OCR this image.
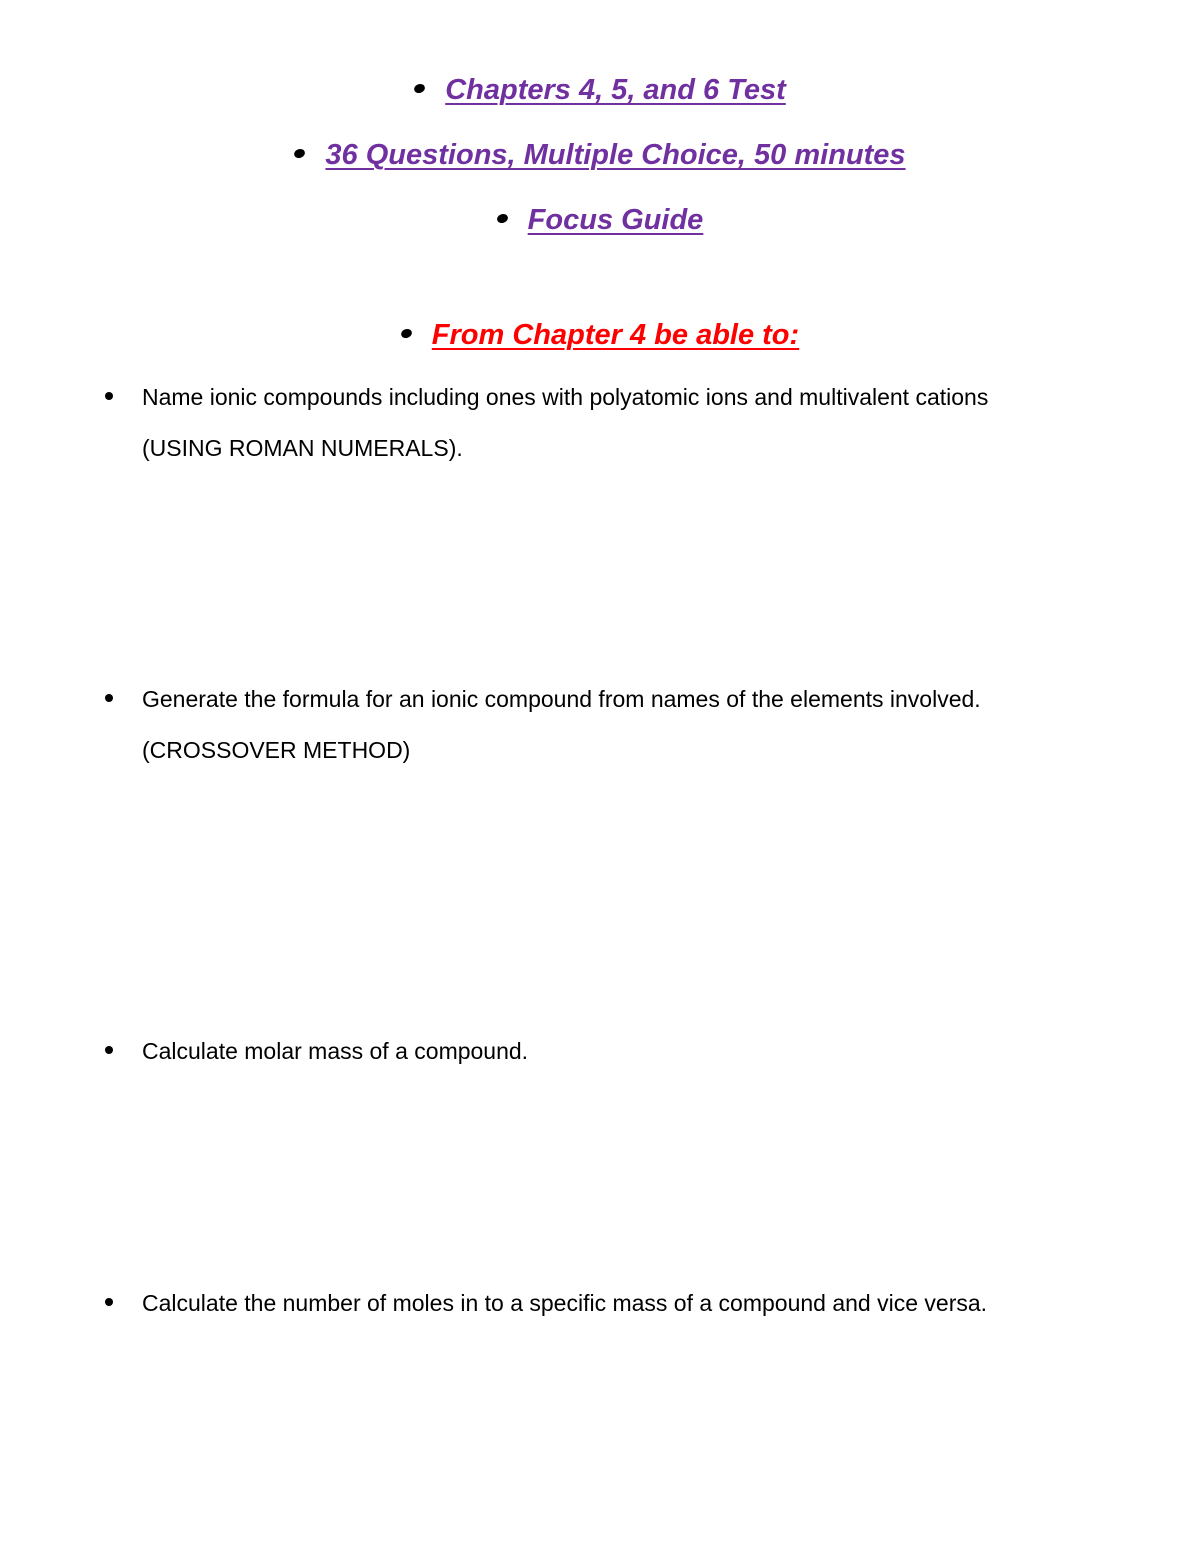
Chapters 4, 5, and 6 Test
36 Questions, Multiple Choice, 50 minutes
Focus Guide
From Chapter 4 be able to:
Name ionic compounds including ones with polyatomic ions and multivalent cations
(USING ROMAN NUMERALS).
Generate the formula for an ionic compound from names of the elements involved.
(CROSSOVER METHOD)
Calculate molar mass of a compound.
Calculate the number of moles in to a specific mass of a compound and vice versa.
